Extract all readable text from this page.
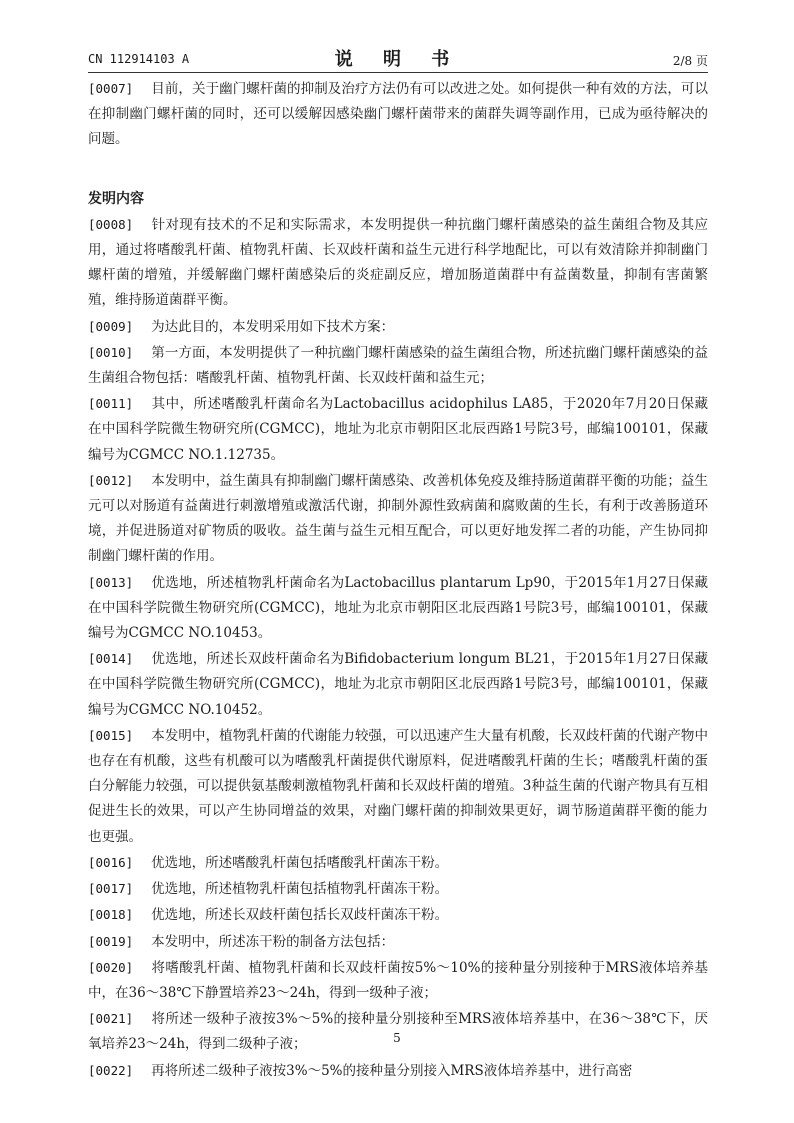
CN 112914103 A	说 明 书	2/8 页

[0007] 目前，关于幽门螺杆菌的抑制及治疗方法仍有可以改进之处。如何提供一种有效的方法，可以在抑制幽门螺杆菌的同时，还可以缓解因感染幽门螺杆菌带来的菌群失调等副作用，已成为亟待解决的问题。

发明内容

[0008] 针对现有技术的不足和实际需求，本发明提供一种抗幽门螺杆菌感染的益生菌组合物及其应用，通过将嗜酸乳杆菌、植物乳杆菌、长双歧杆菌和益生元进行科学地配比，可以有效清除并抑制幽门螺杆菌的增殖，并缓解幽门螺杆菌感染后的炎症副反应，增加肠道菌群中有益菌数量，抑制有害菌繁殖，维持肠道菌群平衡。

[0009] 为达此目的，本发明采用如下技术方案：

[0010] 第一方面，本发明提供了一种抗幽门螺杆菌感染的益生菌组合物，所述抗幽门螺杆菌感染的益生菌组合物包括：嗜酸乳杆菌、植物乳杆菌、长双歧杆菌和益生元；

[0011] 其中，所述嗜酸乳杆菌命名为Lactobacillus acidophilus LA85，于2020年7月20日保藏在中国科学院微生物研究所(CGMCC)，地址为北京市朝阳区北辰西路1号院3号，邮编100101，保藏编号为CGMCC NO.1.12735。

[0012] 本发明中，益生菌具有抑制幽门螺杆菌感染、改善机体免疫及维持肠道菌群平衡的功能；益生元可以对肠道有益菌进行刺激增殖或激活代谢，抑制外源性致病菌和腐败菌的生长，有利于改善肠道环境，并促进肠道对矿物质的吸收。益生菌与益生元相互配合，可以更好地发挥二者的功能，产生协同抑制幽门螺杆菌的作用。

[0013] 优选地，所述植物乳杆菌命名为Lactobacillus plantarum Lp90，于2015年1月27日保藏在中国科学院微生物研究所(CGMCC)，地址为北京市朝阳区北辰西路1号院3号，邮编100101，保藏编号为CGMCC NO.10453。

[0014] 优选地，所述长双歧杆菌命名为Bifidobacterium longum BL21，于2015年1月27日保藏在中国科学院微生物研究所(CGMCC)，地址为北京市朝阳区北辰西路1号院3号，邮编100101，保藏编号为CGMCC NO.10452。

[0015] 本发明中，植物乳杆菌的代谢能力较强，可以迅速产生大量有机酸，长双歧杆菌的代谢产物中也存在有机酸，这些有机酸可以为嗜酸乳杆菌提供代谢原料，促进嗜酸乳杆菌的生长；嗜酸乳杆菌的蛋白分解能力较强，可以提供氨基酸刺激植物乳杆菌和长双歧杆菌的增殖。3种益生菌的代谢产物具有互相促进生长的效果，可以产生协同增益的效果，对幽门螺杆菌的抑制效果更好，调节肠道菌群平衡的能力也更强。

[0016] 优选地，所述嗜酸乳杆菌包括嗜酸乳杆菌冻干粉。

[0017] 优选地，所述植物乳杆菌包括植物乳杆菌冻干粉。

[0018] 优选地，所述长双歧杆菌包括长双歧杆菌冻干粉。

[0019] 本发明中，所述冻干粉的制备方法包括：

[0020] 将嗜酸乳杆菌、植物乳杆菌和长双歧杆菌按5%～10%的接种量分别接种于MRS液体培养基中，在36～38℃下静置培养23～24h，得到一级种子液；

[0021] 将所述一级种子液按3%～5%的接种量分别接种至MRS液体培养基中，在36～38℃下，厌氧培养23～24h，得到二级种子液；

[0022] 再将所述二级种子液按3%～5%的接种量分别接入MRS液体培养基中，进行高密

5
